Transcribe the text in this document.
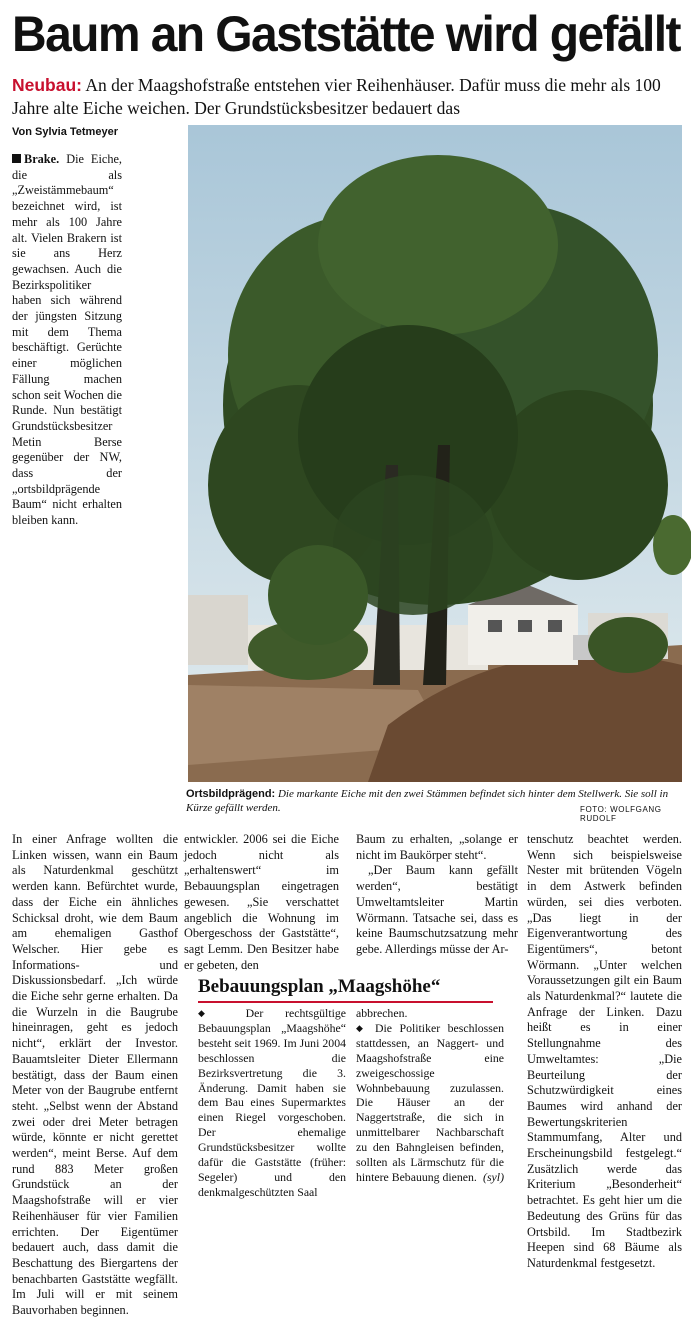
Baum an Gaststätte wird gefällt
Neubau: An der Maagshofstraße entstehen vier Reihenhäuser. Dafür muss die mehr als 100 Jahre alte Eiche weichen. Der Grundstücksbesitzer bedauert das
Von Sylvia Tetmeyer

Brake. Die Eiche, die als „Zweistämmebaum“ bezeichnet wird, ist mehr als 100 Jahre alt. Vielen Brakern ist sie ans Herz gewachsen. Auch die Bezirkspolitiker haben sich während der jüngsten Sitzung mit dem Thema beschäftigt. Gerüchte einer möglichen Fällung machen schon seit Wochen die Runde. Nun bestätigt Grundstücksbesitzer Metin Berse gegenüber der NW, dass der „ortsbildprägende Baum“ nicht erhalten bleiben kann.

Ortsbildprägend: Die markante Eiche mit den zwei Stämmen befindet sich hinter dem Stellwerk. Sie soll in Kürze gefällt werden.	FOTO: WOLFGANG RUDOLF

In einer Anfrage wollten die Linken wissen, wann ein Baum als Naturdenkmal geschützt werden kann. Befürchtet wurde, dass der Eiche ein ähnliches Schicksal droht, wie dem Baum am ehemaligen Gasthof Welscher. Hier gebe es Informations- und Diskussionsbedarf. „Ich würde die Eiche sehr gerne erhalten. Da die Wurzeln in die Baugrube hineinragen, geht es jedoch nicht“, erklärt der Investor. Bauamtsleiter Dieter Ellermann bestätigt, dass der Baum einen Meter von der Baugrube entfernt steht. „Selbst wenn der Abstand zwei oder drei Meter betragen würde, könnte er nicht gerettet werden“, meint Berse. Auf dem rund 883 Meter großen Grundstück an der Maagshofstraße will er vier Reihenhäuser für vier Familien errichten. Der Eigentümer bedauert auch, dass damit die Beschattung des Biergartens der benachbarten Gaststätte wegfällt. Im Juli will er mit seinem Bauvorhaben beginnen.

entwickler. 2006 sei die Eiche jedoch nicht als „erhaltenswert“ im Bebauungsplan eingetragen gewesen. „Sie verschattet angeblich die Wohnung im Obergeschoss der Gaststätte“, sagt Lemm. Den Besitzer habe er gebeten, den

Baum zu erhalten, „solange er nicht im Baukörper steht“.

„Der Baum kann gefällt werden“, bestätigt Umweltamtsleiter Martin Wörmann. Tatsache sei, dass es keine Baumschutzsatzung mehr gebe. Allerdings müsse der Ar-

tenschutz beachtet werden. Wenn sich beispielsweise Nester mit brütenden Vögeln in dem Astwerk befinden würden, sei dies verboten. „Das liegt in der Eigenverantwortung des Eigentümers“, betont Wörmann. „Unter welchen Voraussetzungen gilt ein Baum als Naturdenkmal?“ lautete die Anfrage der Linken. Dazu heißt es in einer Stellungnahme des Umweltamtes: „Die Beurteilung der Schutzwürdigkeit eines Baumes wird anhand der Bewertungskriterien Stammumfang, Alter und Erscheinungsbild festgelegt.“ Zusätzlich werde das Kriterium „Besonderheit“ betrachtet. Es geht hier um die Bedeutung des Grüns für das Ortsbild. Im Stadtbezirk Heepen sind 68 Bäume als Naturdenkmal festgesetzt.

Bebauungsplan „Maagshöhe“

◆ Der rechtsgültige Bebauungsplan „Maagshöhe“ besteht seit 1969. Im Juni 2004 beschlossen die Bezirksvertretung die 3. Änderung. Damit haben sie dem Bau eines Supermarktes einen Riegel vorgeschoben. Der ehemalige Grundstücksbesitzer wollte dafür die Gaststätte (früher: Segeler) und den denkmalgeschützten Saal

abbrechen.

◆ Die Politiker beschlossen stattdessen, an Naggert- und Maagshofstraße eine zweigeschossige Wohnbebauung zuzulassen. Die Häuser an der Naggertstraße, die sich in unmittelbarer Nachbarschaft zu den Bahngleisen befinden, sollten als Lärmschutz für die hintere Bebauung dienen. (syl)
